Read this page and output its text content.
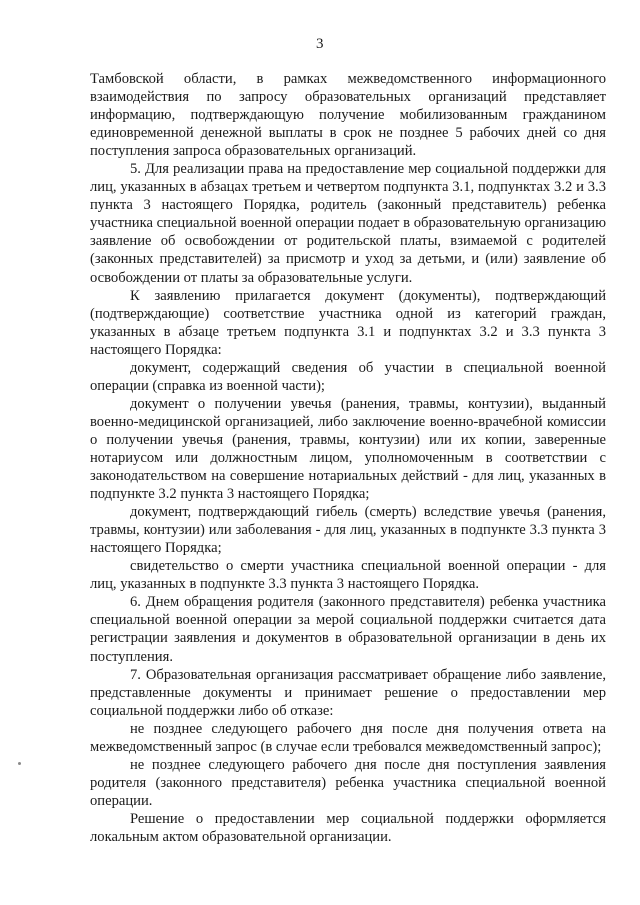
3

Тамбовской области, в рамках межведомственного информационного взаимодействия по запросу образовательных организаций представляет информацию, подтверждающую получение мобилизованным гражданином единовременной денежной выплаты в срок не позднее 5 рабочих дней со дня поступления запроса образовательных организаций.

5. Для реализации права на предоставление мер социальной поддержки для лиц, указанных в абзацах третьем и четвертом подпункта 3.1, подпунктах 3.2 и 3.3 пункта 3 настоящего Порядка, родитель (законный представитель) ребенка участника специальной военной операции подает в образовательную организацию заявление об освобождении от родительской платы, взимаемой с родителей (законных представителей) за присмотр и уход за детьми, и (или) заявление об освобождении от платы за образовательные услуги.

К заявлению прилагается документ (документы), подтверждающий (подтверждающие) соответствие участника одной из категорий граждан, указанных в абзаце третьем подпункта 3.1 и подпунктах 3.2 и 3.3 пункта 3 настоящего Порядка:

документ, содержащий сведения об участии в специальной военной операции (справка из военной части);

документ о получении увечья (ранения, травмы, контузии), выданный военно-медицинской организацией, либо заключение военно-врачебной комиссии о получении увечья (ранения, травмы, контузии) или их копии, заверенные нотариусом или должностным лицом, уполномоченным в соответствии с законодательством на совершение нотариальных действий - для лиц, указанных в подпункте 3.2 пункта 3 настоящего Порядка;

документ, подтверждающий гибель (смерть) вследствие увечья (ранения, травмы, контузии) или заболевания - для лиц, указанных в подпункте 3.3 пункта 3 настоящего Порядка;

свидетельство о смерти участника специальной военной операции - для лиц, указанных в подпункте 3.3 пункта 3 настоящего Порядка.

6. Днем обращения родителя (законного представителя) ребенка участника специальной военной операции за мерой социальной поддержки считается дата регистрации заявления и документов в образовательной организации в день их поступления.

7. Образовательная организация рассматривает обращение либо заявление, представленные документы и принимает решение о предоставлении мер социальной поддержки либо об отказе:

не позднее следующего рабочего дня после дня получения ответа на межведомственный запрос (в случае если требовался межведомственный запрос);

не позднее следующего рабочего дня после дня поступления заявления родителя (законного представителя) ребенка участника специальной военной операции.

Решение о предоставлении мер социальной поддержки оформляется локальным актом образовательной организации.
